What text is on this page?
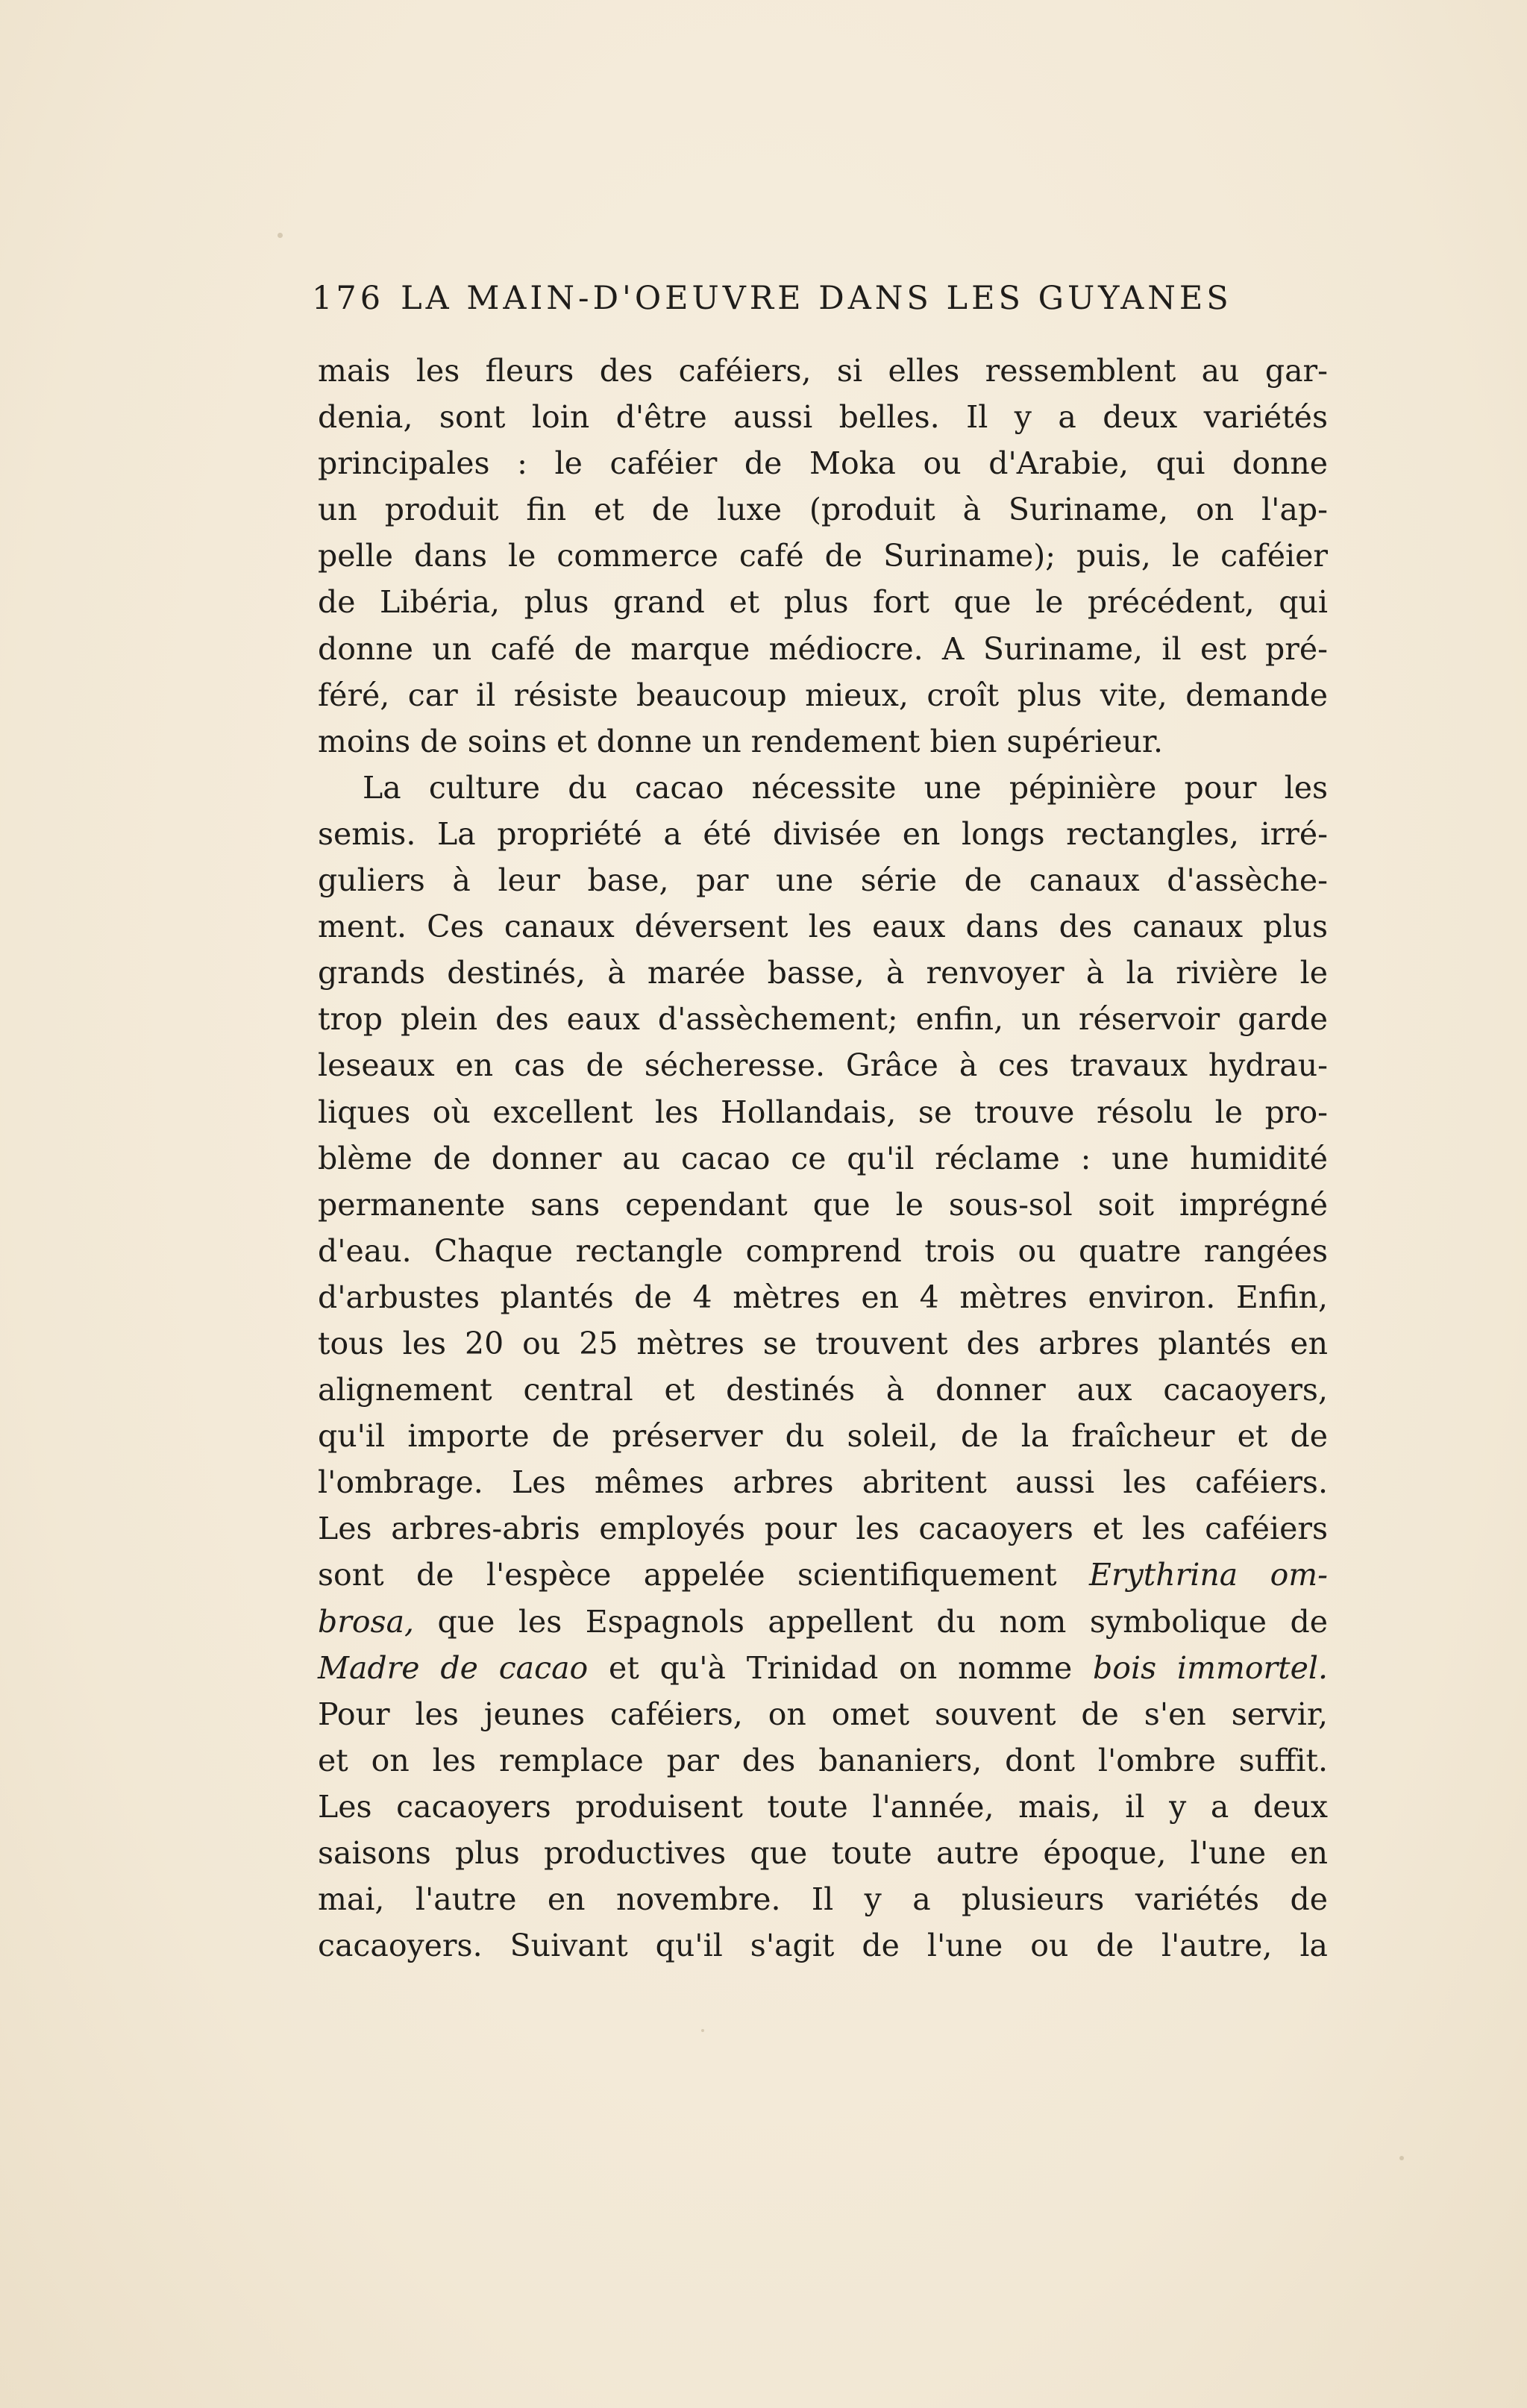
176 LA MAIN-D'OEUVRE DANS LES GUYANES
mais les fleurs des caféiers, si elles ressemblent au gar-
denia, sont loin d'être aussi belles. Il y a deux variétés
principales : le caféier de Moka ou d'Arabie, qui donne
un produit fin et de luxe (produit à Suriname, on l'ap-
pelle dans le commerce café de Suriname); puis, le caféier
de Libéria, plus grand et plus fort que le précédent, qui
donne un café de marque médiocre. A Suriname, il est pré-
féré, car il résiste beaucoup mieux, croît plus vite, demande
moins de soins et donne un rendement bien supérieur.
La culture du cacao nécessite une pépinière pour les
semis. La propriété a été divisée en longs rectangles, irré-
guliers à leur base, par une série de canaux d'assèche-
ment. Ces canaux déversent les eaux dans des canaux plus
grands destinés, à marée basse, à renvoyer à la rivière le
trop plein des eaux d'assèchement; enfin, un réservoir garde
leseaux en cas de sécheresse. Grâce à ces travaux hydrau-
liques où excellent les Hollandais, se trouve résolu le pro-
blème de donner au cacao ce qu'il réclame : une humidité
permanente sans cependant que le sous-sol soit imprégné
d'eau. Chaque rectangle comprend trois ou quatre rangées
d'arbustes plantés de 4 mètres en 4 mètres environ. Enfin,
tous les 20 ou 25 mètres se trouvent des arbres plantés en
alignement central et destinés à donner aux cacaoyers,
qu'il importe de préserver du soleil, de la fraîcheur et de
l'ombrage. Les mêmes arbres abritent aussi les caféiers.
Les arbres-abris employés pour les cacaoyers et les caféiers
sont de l'espèce appelée scientifiquement Erythrina om-
brosa, que les Espagnols appellent du nom symbolique de
Madre de cacao et qu'à Trinidad on nomme bois immortel.
Pour les jeunes caféiers, on omet souvent de s'en servir,
et on les remplace par des bananiers, dont l'ombre suffit.
Les cacaoyers produisent toute l'année, mais, il y a deux
saisons plus productives que toute autre époque, l'une en
mai, l'autre en novembre. Il y a plusieurs variétés de
cacaoyers. Suivant qu'il s'agit de l'une ou de l'autre, la
